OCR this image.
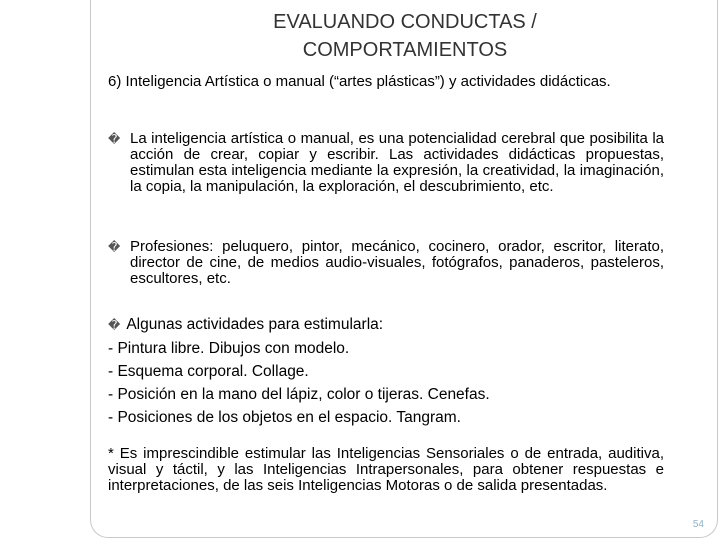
EVALUANDO CONDUCTAS /
COMPORTAMIENTOS
6) Inteligencia Artística o manual (“artes plásticas”) y actividades didácticas.
� La inteligencia artística o manual, es una potencialidad cerebral que posibilita la acción de crear, copiar y escribir. Las actividades didácticas propuestas, estimulan esta inteligencia mediante la expresión, la creatividad, la imaginación, la copia, la manipulación, la exploración, el descubrimiento, etc.
� Profesiones: peluquero, pintor, mecánico, cocinero, orador, escritor, literato, director de cine, de medios audio-visuales, fotógrafos, panaderos, pasteleros, escultores, etc.
� Algunas actividades para estimularla:
- Pintura libre. Dibujos con modelo.
- Esquema corporal. Collage.
- Posición en la mano del lápiz, color o tijeras. Cenefas.
- Posiciones de los objetos en el espacio. Tangram.
* Es imprescindible estimular las Inteligencias Sensoriales o de entrada, auditiva, visual y táctil, y las Inteligencias Intrapersonales, para obtener respuestas e interpretaciones, de las seis Inteligencias Motoras o de salida presentadas.
54
